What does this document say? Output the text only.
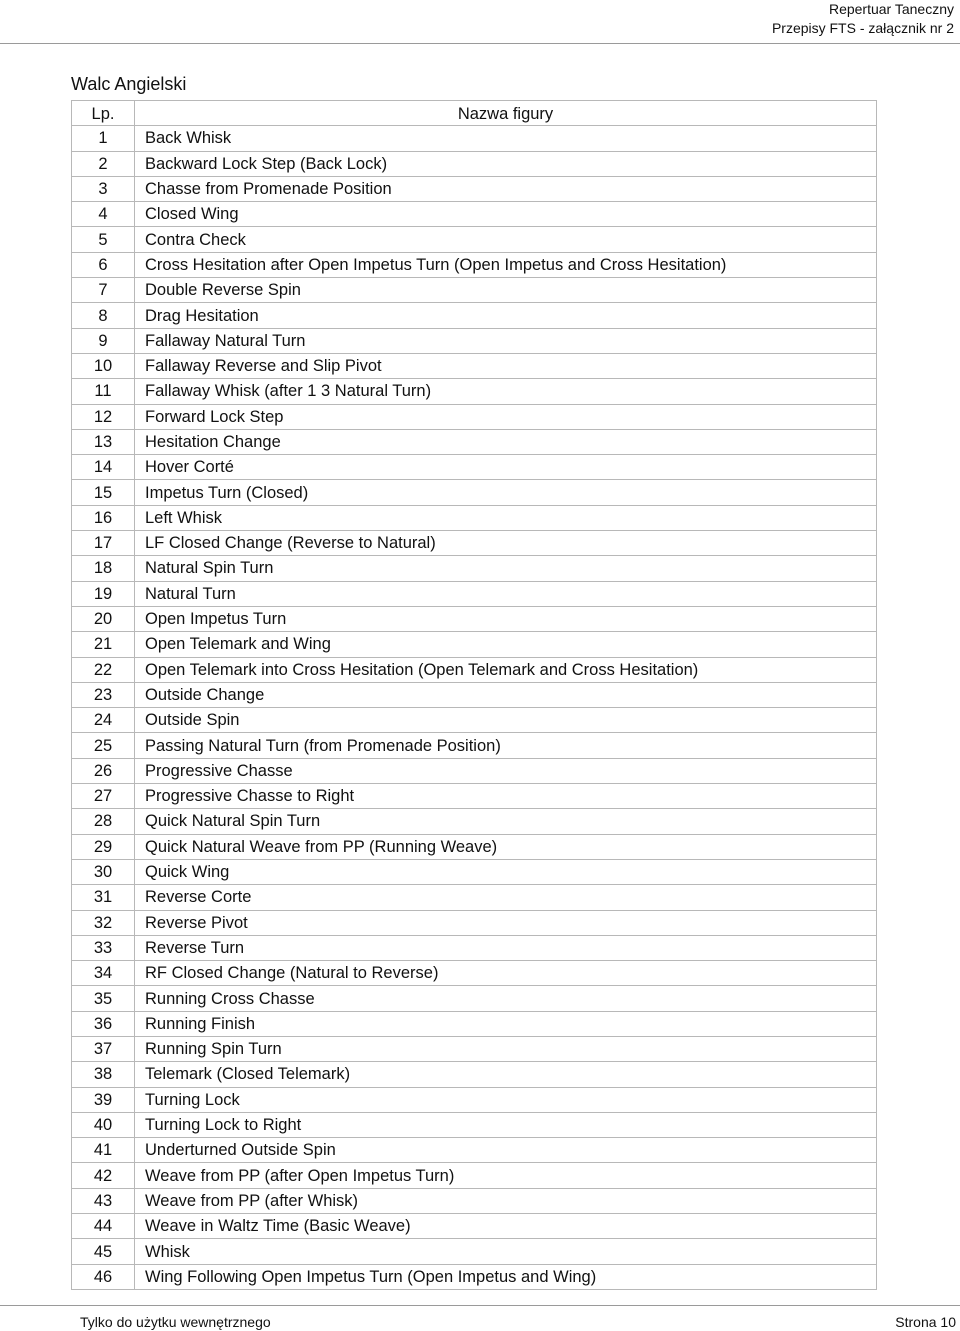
Repertuar Taneczny
Przepisy FTS - załącznik nr 2
Walc Angielski
Lp.	Nazwa figury
1	Back Whisk
2	Backward Lock Step (Back Lock)
3	Chasse from Promenade Position
4	Closed Wing
5	Contra Check
6	Cross Hesitation after Open Impetus Turn (Open Impetus and Cross Hesitation)
7	Double Reverse Spin
8	Drag Hesitation
9	Fallaway Natural Turn
10	Fallaway Reverse and Slip Pivot
11	Fallaway Whisk (after 1 3 Natural Turn)
12	Forward Lock Step
13	Hesitation Change
14	Hover Corté
15	Impetus Turn (Closed)
16	Left Whisk
17	LF Closed Change (Reverse to Natural)
18	Natural Spin Turn
19	Natural Turn
20	Open Impetus Turn
21	Open Telemark and Wing
22	Open Telemark into Cross Hesitation (Open Telemark and Cross Hesitation)
23	Outside Change
24	Outside Spin
25	Passing Natural Turn (from Promenade Position)
26	Progressive Chasse
27	Progressive Chasse to Right
28	Quick Natural Spin Turn
29	Quick Natural Weave from PP (Running Weave)
30	Quick Wing
31	Reverse Corte
32	Reverse Pivot
33	Reverse Turn
34	RF Closed Change (Natural to Reverse)
35	Running Cross Chasse
36	Running Finish
37	Running Spin Turn
38	Telemark (Closed Telemark)
39	Turning Lock
40	Turning Lock to Right
41	Underturned Outside Spin
42	Weave from PP (after Open Impetus Turn)
43	Weave from PP (after Whisk)
44	Weave in Waltz Time (Basic Weave)
45	Whisk
46	Wing Following Open Impetus Turn (Open Impetus and Wing)
Tylko do użytku wewnętrznego	Strona 10
